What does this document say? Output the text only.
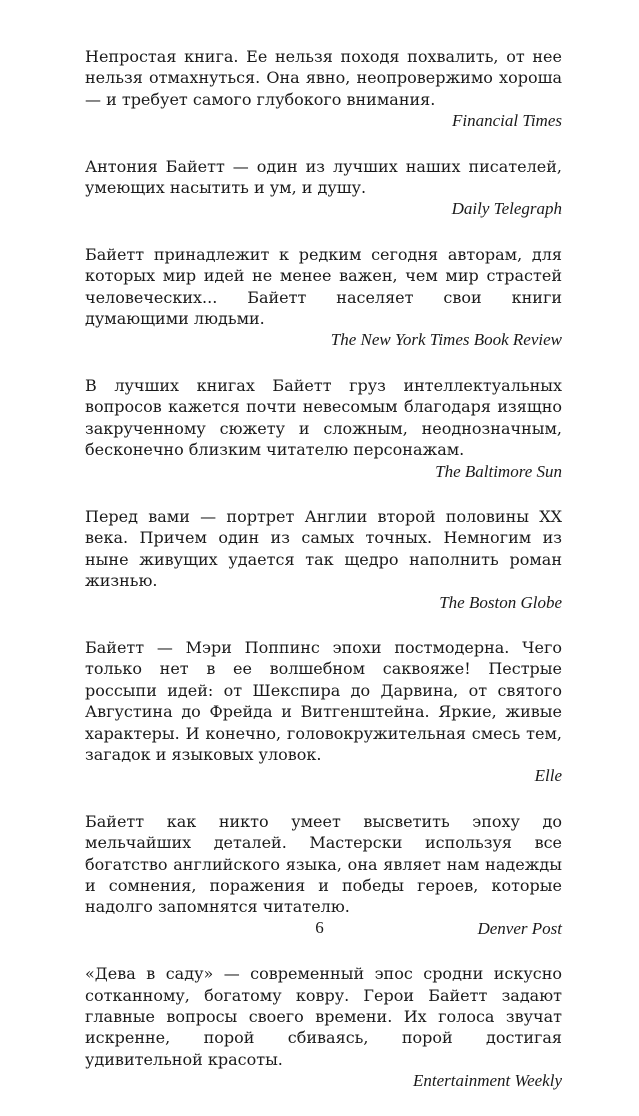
Непростая книга. Ее нельзя походя похвалить, от нее нельзя отмахнуться. Она явно, неопровержимо хороша — и требует самого глубокого внимания.

Financial Times

Антония Байетт — один из лучших наших писателей, умеющих насытить и ум, и душу.

Daily Telegraph

Байетт принадлежит к редким сегодня авторам, для которых мир идей не менее важен, чем мир страстей человеческих... Байетт населяет свои книги думающими людьми.

The New York Times Book Review

В лучших книгах Байетт груз интеллектуальных вопросов кажется почти невесомым благодаря изящно закрученному сюжету и сложным, неоднозначным, бесконечно близким читателю персонажам.

The Baltimore Sun

Перед вами — портрет Англии второй половины XX века. Причем один из самых точных. Немногим из ныне живущих удается так щедро наполнить роман жизнью.

The Boston Globe

Байетт — Мэри Поппинс эпохи постмодерна. Чего только нет в ее волшебном саквояже! Пестрые россыпи идей: от Шекспира до Дарвина, от святого Августина до Фрейда и Витгенштейна. Яркие, живые характеры. И конечно, головокружительная смесь тем, загадок и языковых уловок.

Elle

Байетт как никто умеет высветить эпоху до мельчайших деталей. Мастерски используя все богатство английского языка, она являет нам надежды и сомнения, поражения и победы героев, которые надолго запомнятся читателю.

Denver Post

«Дева в саду» — современный эпос сродни искусно сотканному, богатому ковру. Герои Байетт задают главные вопросы своего времени. Их голоса звучат искренне, порой сбиваясь, порой достигая удивительной красоты.

Entertainment Weekly

6
